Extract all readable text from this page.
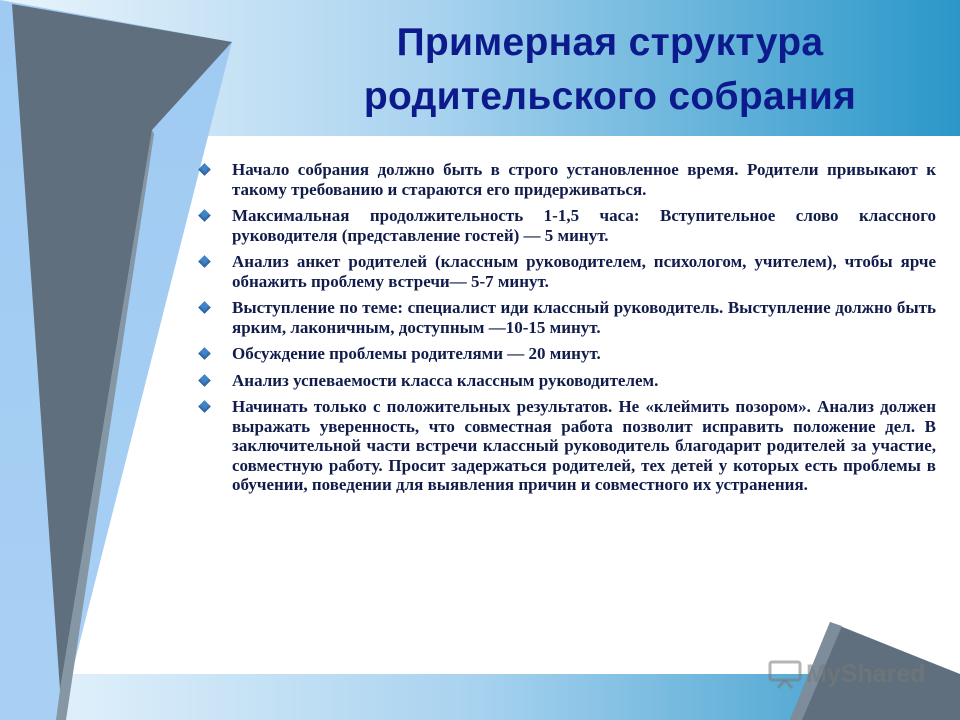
Примерная структура
родительского собрания
Начало собрания должно быть в строго установленное время. Родители привыкают к такому требованию и стараются его придерживаться.
Максимальная продолжительность 1-1,5 часа: Вступительное слово классного руководителя (представление гостей) — 5 минут.
Анализ анкет родителей (классным руководителем, психологом, учителем), чтобы ярче обнажить проблему встречи— 5-7 минут.
Выступление по теме: специалист иди классный руководитель. Выступление должно быть ярким, лаконичным, доступным —10-15 минут.
Обсуждение проблемы родителями — 20 минут.
Анализ успеваемости класса классным руководителем.
Начинать только с положительных результатов. Не «клеймить позором». Анализ должен выражать уверенность, что совместная работа позволит исправить положение дел. В заключительной части встречи классный руководитель благодарит родителей за участие, совместную работу. Просит задержаться родителей, тех детей у которых есть проблемы в обучении, поведении для выявления причин и совместного их устранения.
MyShared
